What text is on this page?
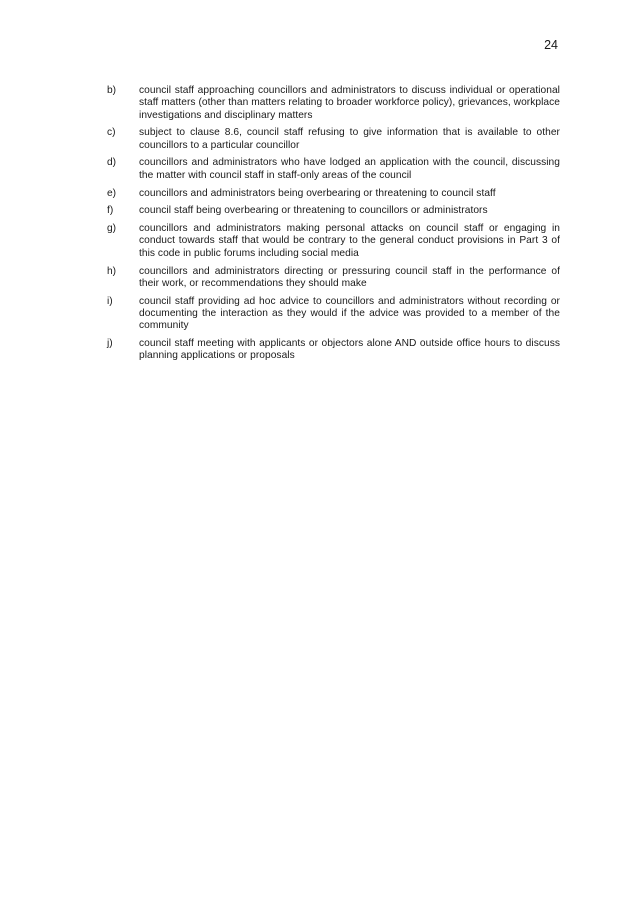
24
b)	council staff approaching councillors and administrators to discuss individual or operational staff matters (other than matters relating to broader workforce policy), grievances, workplace investigations and disciplinary matters
c)	subject to clause 8.6, council staff refusing to give information that is available to other councillors to a particular councillor
d)	councillors and administrators who have lodged an application with the council, discussing the matter with council staff in staff-only areas of the council
e)	councillors and administrators being overbearing or threatening to council staff
f)	council staff being overbearing or threatening to councillors or administrators
g)	councillors and administrators making personal attacks on council staff or engaging in conduct towards staff that would be contrary to the general conduct provisions in Part 3 of this code in public forums including social media
h)	councillors and administrators directing or pressuring council staff in the performance of their work, or recommendations they should make
i)	council staff providing ad hoc advice to councillors and administrators without recording or documenting the interaction as they would if the advice was provided to a member of the community
j)	council staff meeting with applicants or objectors alone AND outside office hours to discuss planning applications or proposals
